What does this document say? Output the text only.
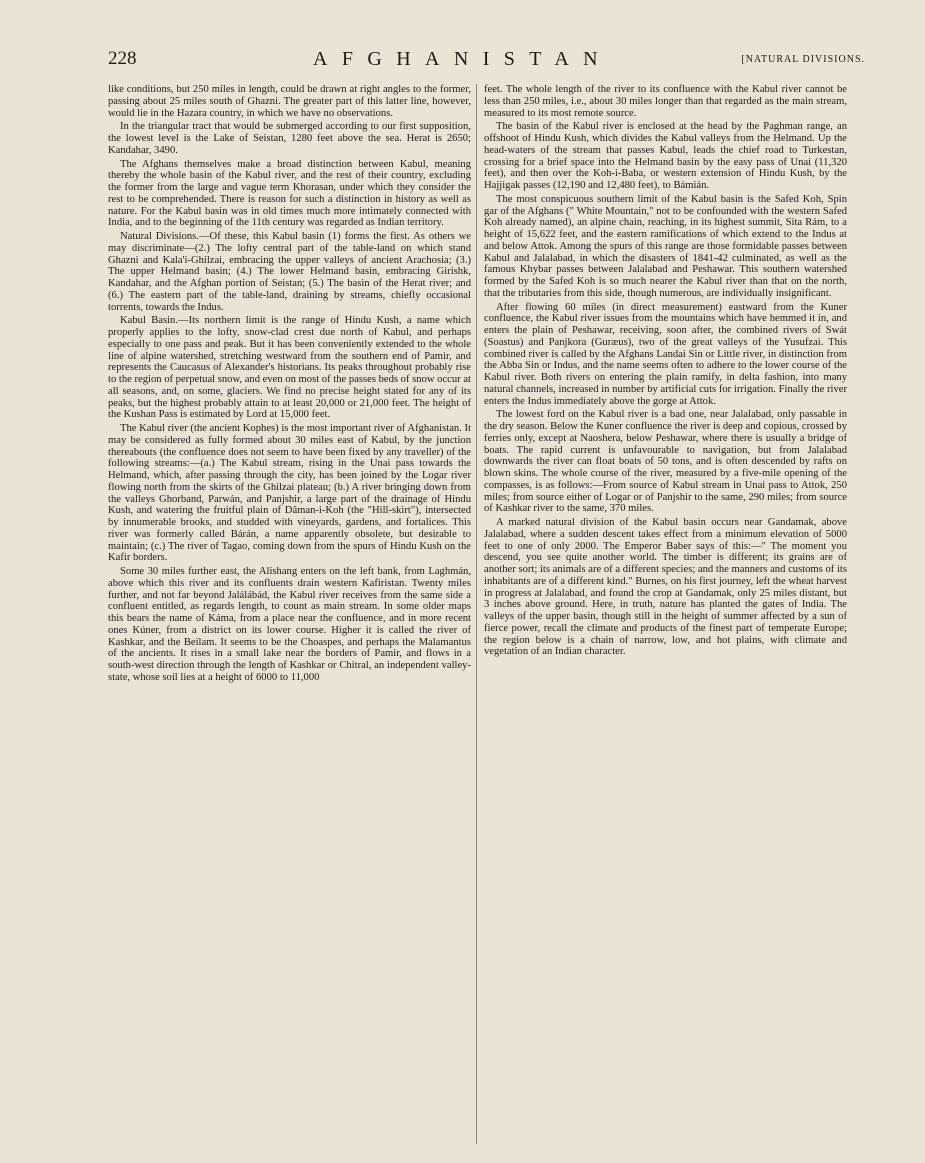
228	AFGHANISTAN	[NATURAL DIVISIONS.

like conditions, but 250 miles in length, could be drawn at right angles to the former, passing about 25 miles south of Ghazni. The greater part of this latter line, however, would lie in the Hazara country, in which we have no observations.

In the triangular tract that would be submerged according to our first supposition, the lowest level is the Lake of Seistan, 1280 feet above the sea. Herat is 2650; Kandahar, 3490.

The Afghans themselves make a broad distinction between Kabul, meaning thereby the whole basin of the Kabul river, and the rest of their country, excluding the former from the large and vague term Khorasan, under which they consider the rest to be comprehended. There is reason for such a distinction in history as well as nature. For the Kabul basin was in old times much more intimately connected with India, and to the beginning of the 11th century was regarded as Indian territory.

Natural Divisions.—Of these, this Kabul basin (1) forms the first. As others we may discriminate—(2.) The lofty central part of the table-land on which stand Ghazni and Kala'i-Ghilzai, embracing the upper valleys of ancient Arachosia; (3.) The upper Helmand basin; (4.) The lower Helmand basin, embracing Girishk, Kandahar, and the Afghan portion of Seistan; (5.) The basin of the Herat river; and (6.) The eastern part of the table-land, draining by streams, chiefly occasional torrents, towards the Indus.

Kabul Basin.—Its northern limit is the range of Hindu Kush, a name which properly applies to the lofty, snow-clad crest due north of Kabul, and perhaps especially to one pass and peak. But it has been conveniently extended to the whole line of alpine watershed, stretching westward from the southern end of Pamir, and represents the Caucasus of Alexander's historians. Its peaks throughout probably rise to the region of perpetual snow, and even on most of the passes beds of snow occur at all seasons, and, on some, glaciers. We find no precise height stated for any of its peaks, but the highest probably attain to at least 20,000 or 21,000 feet. The height of the Kushan Pass is estimated by Lord at 15,000 feet.

The Kabul river (the ancient Kophes) is the most important river of Afghanistan. It may be considered as fully formed about 30 miles east of Kabul, by the junction thereabouts (the confluence does not seem to have been fixed by any traveller) of the following streams:—(a.) The Kabul stream, rising in the Unai pass towards the Helmand, which, after passing through the city, has been joined by the Logar river flowing north from the skirts of the Ghilzai plateau; (b.) A river bringing down from the valleys Ghorband, Parwán, and Panjshir, a large part of the drainage of Hindu Kush, and watering the fruitful plain of Dâman-i-Koh (the "Hill-skirt"), intersected by innumerable brooks, and studded with vineyards, gardens, and fortalices. This river was formerly called Bárán, a name apparently obsolete, but desirable to maintain; (c.) The river of Tagao, coming down from the spurs of Hindu Kush on the Kafir borders.

Some 30 miles further east, the Alishang enters on the left bank, from Laghmán, above which this river and its confluents drain western Kafiristan. Twenty miles further, and not far beyond Jalálábád, the Kabul river receives from the same side a confluent entitled, as regards length, to count as main stream. In some older maps this bears the name of Káma, from a place near the confluence, and in more recent ones Kúner, from a district on its lower course. Higher it is called the river of Kashkar, and the Beilam. It seems to be the Choaspes, and perhaps the Malamantus of the ancients. It rises in a small lake near the borders of Pamir, and flows in a south-west direction through the length of Kashkar or Chitral, an independent valley-state, whose soil lies at a height of 6000 to 11,000

feet. The whole length of the river to its confluence with the Kabul river cannot be less than 250 miles, i.e., about 30 miles longer than that regarded as the main stream, measured to its most remote source.

The basin of the Kabul river is enclosed at the head by the Paghman range, an offshoot of Hindu Kush, which divides the Kabul valleys from the Helmand. Up the head-waters of the stream that passes Kabul, leads the chief road to Turkestan, crossing for a brief space into the Helmand basin by the easy pass of Unai (11,320 feet), and then over the Koh-i-Baba, or western extension of Hindu Kush, by the Hajjigak passes (12,190 and 12,480 feet), to Bámián.

The most conspicuous southern limit of the Kabul basin is the Safed Koh, Spin gar of the Afghans (" White Mountain," not to be confounded with the western Safed Koh already named), an alpine chain, reaching, in its highest summit, Sita Rám, to a height of 15,622 feet, and the eastern ramifications of which extend to the Indus at and below Attok. Among the spurs of this range are those formidable passes between Kabul and Jalalabad, in which the disasters of 1841-42 culminated, as well as the famous Khybar passes between Jalalabad and Peshawar. This southern watershed formed by the Safed Koh is so much nearer the Kabul river than that on the north, that the tributaries from this side, though numerous, are individually insignificant.

After flowing 60 miles (in direct measurement) eastward from the Kuner confluence, the Kabul river issues from the mountains which have hemmed it in, and enters the plain of Peshawar, receiving, soon after, the combined rivers of Swát (Soastus) and Panjkora (Guræus), two of the great valleys of the Yusufzai. This combined river is called by the Afghans Landai Sin or Little river, in distinction from the Abba Sin or Indus, and the name seems often to adhere to the lower course of the Kabul river. Both rivers on entering the plain ramify, in delta fashion, into many natural channels, increased in number by artificial cuts for irrigation. Finally the river enters the Indus immediately above the gorge at Attok.

The lowest ford on the Kabul river is a bad one, near Jalalabad, only passable in the dry season. Below the Kuner confluence the river is deep and copious, crossed by ferries only, except at Naoshera, below Peshawar, where there is usually a bridge of boats. The rapid current is unfavourable to navigation, but from Jalalabad downwards the river can float boats of 50 tons, and is often descended by rafts on blown skins. The whole course of the river, measured by a five-mile opening of the compasses, is as follows:—From source of Kabul stream in Unai pass to Attok, 250 miles; from source either of Logar or of Panjshir to the same, 290 miles; from source of Kashkar river to the same, 370 miles.

A marked natural division of the Kabul basin occurs near Gandamak, above Jalalabad, where a sudden descent takes effect from a minimum elevation of 5000 feet to one of only 2000. The Emperor Baber says of this:—" The moment you descend, you see quite another world. The timber is different; its grains are of another sort; its animals are of a different species; and the manners and customs of its inhabitants are of a different kind." Burnes, on his first journey, left the wheat harvest in progress at Jalalabad, and found the crop at Gandamak, only 25 miles distant, but 3 inches above ground. Here, in truth, nature has planted the gates of India. The valleys of the upper basin, though still in the height of summer affected by a sun of fierce power, recall the climate and products of the finest part of temperate Europe; the region below is a chain of narrow, low, and hot plains, with climate and vegetation of an Indian character.
